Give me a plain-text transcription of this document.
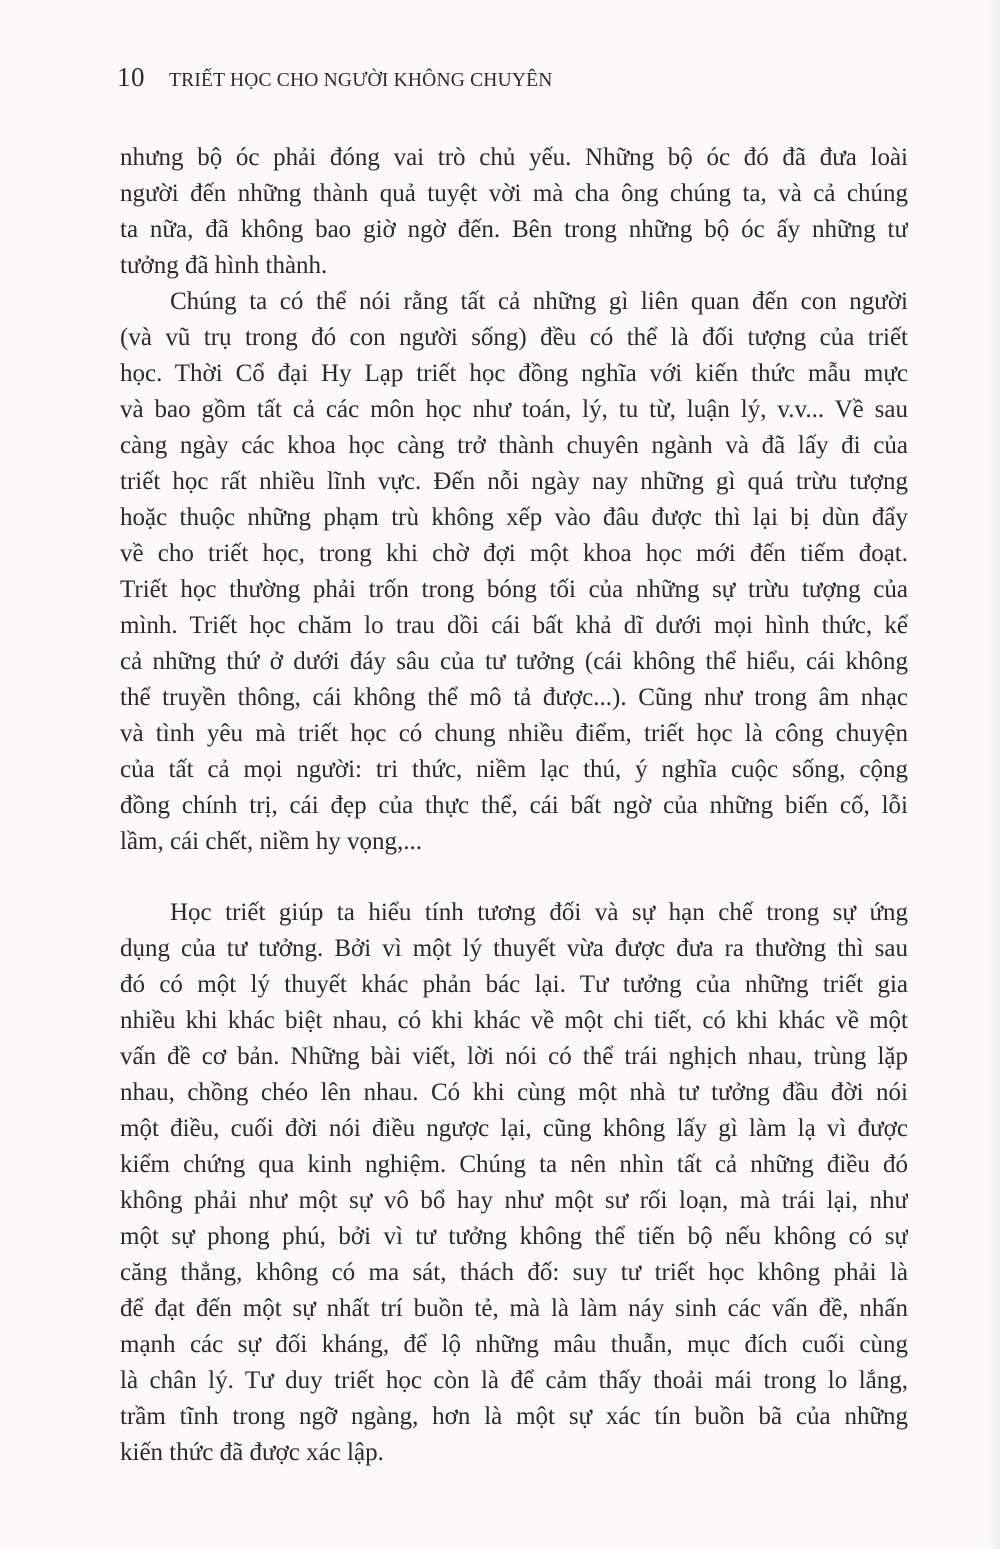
10 TRIẾT HỌC CHO NGƯỜI KHÔNG CHUYÊN
nhưng bộ óc phải đóng vai trò chủ yếu. Những bộ óc đó đã đưa loài
người đến những thành quả tuyệt vời mà cha ông chúng ta, và cả chúng
ta nữa, đã không bao giờ ngờ đến. Bên trong những bộ óc ấy những tư
tưởng đã hình thành.
Chúng ta có thể nói rằng tất cả những gì liên quan đến con người
(và vũ trụ trong đó con người sống) đều có thể là đối tượng của triết
học. Thời Cổ đại Hy Lạp triết học đồng nghĩa với kiến thức mẫu mực
và bao gồm tất cả các môn học như toán, lý, tu từ, luận lý, v.v... Về sau
càng ngày các khoa học càng trở thành chuyên ngành và đã lấy đi của
triết học rất nhiều lĩnh vực. Đến nỗi ngày nay những gì quá trừu tượng
hoặc thuộc những phạm trù không xếp vào đâu được thì lại bị dùn đẩy
về cho triết học, trong khi chờ đợi một khoa học mới đến tiếm đoạt.
Triết học thường phải trốn trong bóng tối của những sự trừu tượng của
mình. Triết học chăm lo trau dồi cái bất khả dĩ dưới mọi hình thức, kể
cả những thứ ở dưới đáy sâu của tư tưởng (cái không thể hiểu, cái không
thể truyền thông, cái không thể mô tả được...). Cũng như trong âm nhạc
và tình yêu mà triết học có chung nhiều điểm, triết học là công chuyện
của tất cả mọi người: tri thức, niềm lạc thú, ý nghĩa cuộc sống, cộng
đồng chính trị, cái đẹp của thực thể, cái bất ngờ của những biến cố, lỗi
lầm, cái chết, niềm hy vọng,...
Học triết giúp ta hiểu tính tương đối và sự hạn chế trong sự ứng
dụng của tư tưởng. Bởi vì một lý thuyết vừa được đưa ra thường thì sau
đó có một lý thuyết khác phản bác lại. Tư tưởng của những triết gia
nhiều khi khác biệt nhau, có khi khác về một chi tiết, có khi khác về một
vấn đề cơ bản. Những bài viết, lời nói có thể trái nghịch nhau, trùng lặp
nhau, chồng chéo lên nhau. Có khi cùng một nhà tư tưởng đầu đời nói
một điều, cuối đời nói điều ngược lại, cũng không lấy gì làm lạ vì được
kiểm chứng qua kinh nghiệm. Chúng ta nên nhìn tất cả những điều đó
không phải như một sự vô bổ hay như một sư rối loạn, mà trái lại, như
một sự phong phú, bởi vì tư tưởng không thể tiến bộ nếu không có sự
căng thẳng, không có ma sát, thách đố: suy tư triết học không phải là
để đạt đến một sự nhất trí buồn tẻ, mà là làm náy sinh các vấn đề, nhấn
mạnh các sự đối kháng, để lộ những mâu thuẫn, mục đích cuối cùng
là chân lý. Tư duy triết học còn là để cảm thấy thoải mái trong lo lắng,
trầm tĩnh trong ngỡ ngàng, hơn là một sự xác tín buồn bã của những
kiến thức đã được xác lập.
